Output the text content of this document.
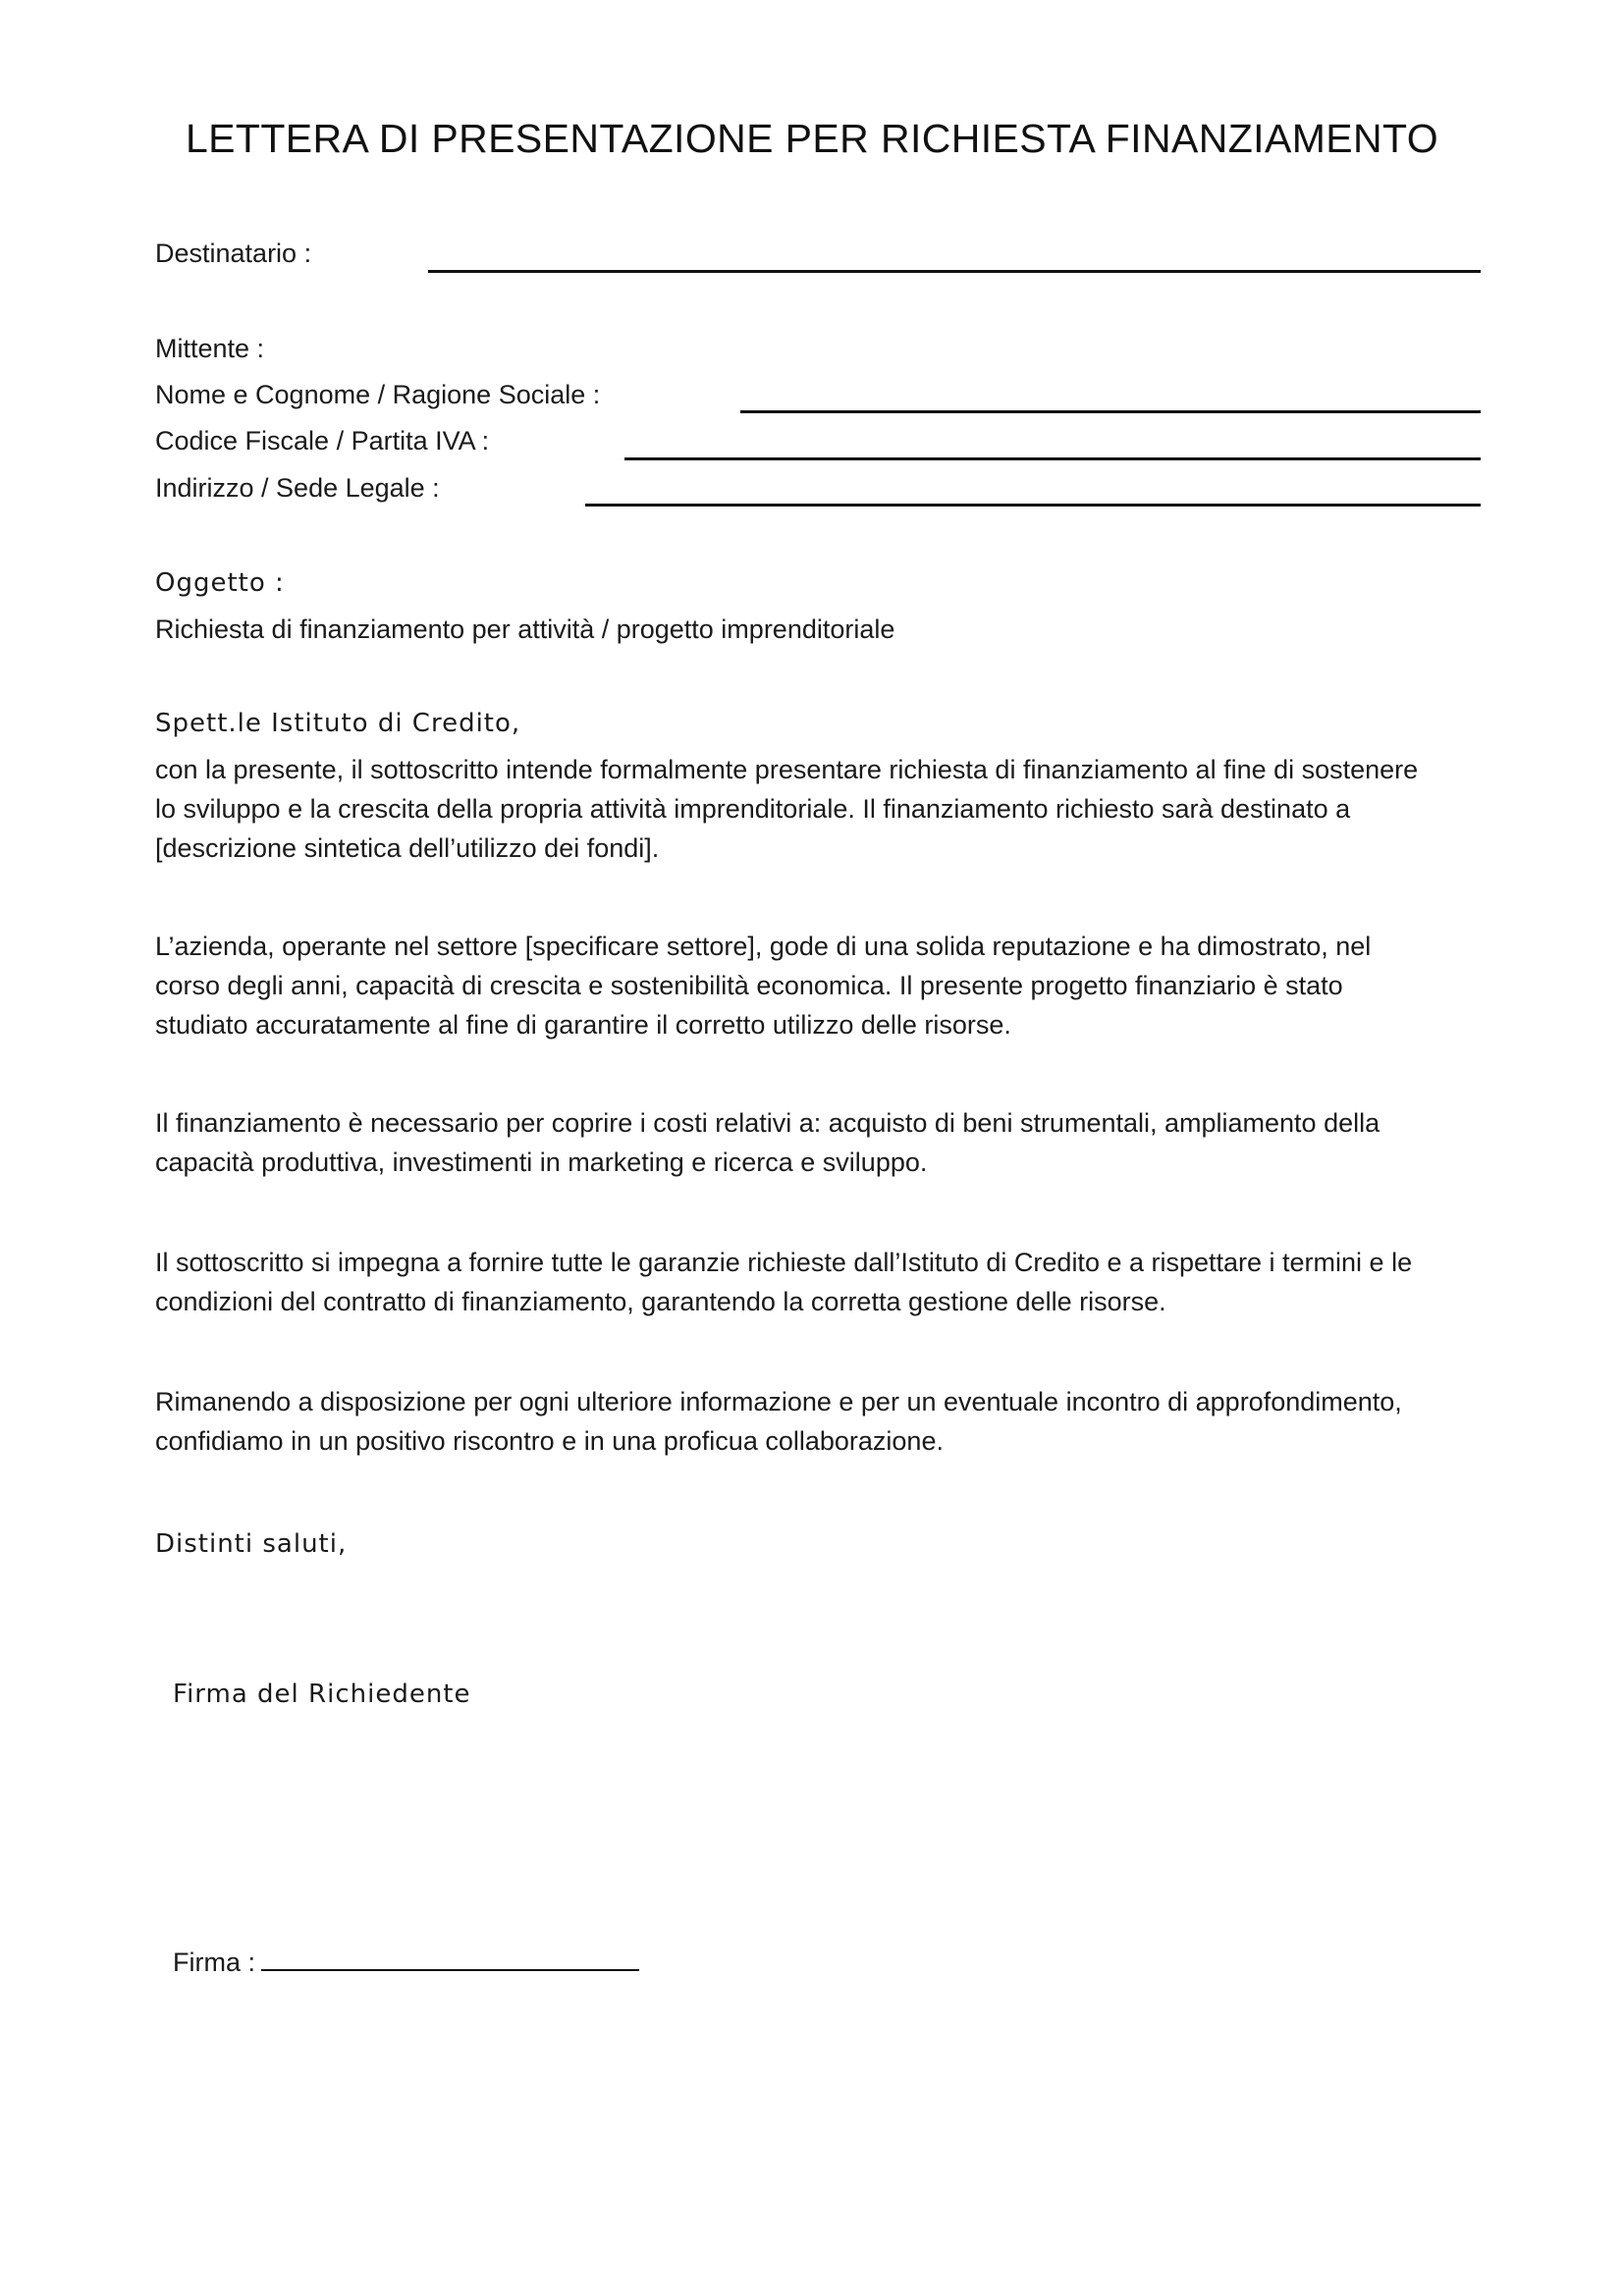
LETTERA DI PRESENTAZIONE PER RICHIESTA FINANZIAMENTO
Destinatario :
Mittente :
Nome e Cognome / Ragione Sociale :
Codice Fiscale / Partita IVA :
Indirizzo / Sede Legale :
Oggetto :
Richiesta di finanziamento per attività / progetto imprenditoriale
Spett.le Istituto di Credito,
con la presente, il sottoscritto intende formalmente presentare richiesta di finanziamento al fine di sostenere
lo sviluppo e la crescita della propria attività imprenditoriale. Il finanziamento richiesto sarà destinato a
[descrizione sintetica dell’utilizzo dei fondi].
L’azienda, operante nel settore [specificare settore], gode di una solida reputazione e ha dimostrato, nel
corso degli anni, capacità di crescita e sostenibilità economica. Il presente progetto finanziario è stato
studiato accuratamente al fine di garantire il corretto utilizzo delle risorse.
Il finanziamento è necessario per coprire i costi relativi a: acquisto di beni strumentali, ampliamento della
capacità produttiva, investimenti in marketing e ricerca e sviluppo.
Il sottoscritto si impegna a fornire tutte le garanzie richieste dall’Istituto di Credito e a rispettare i termini e le
condizioni del contratto di finanziamento, garantendo la corretta gestione delle risorse.
Rimanendo a disposizione per ogni ulteriore informazione e per un eventuale incontro di approfondimento,
confidiamo in un positivo riscontro e in una proficua collaborazione.
Distinti saluti,
Firma del Richiedente
Firma :
